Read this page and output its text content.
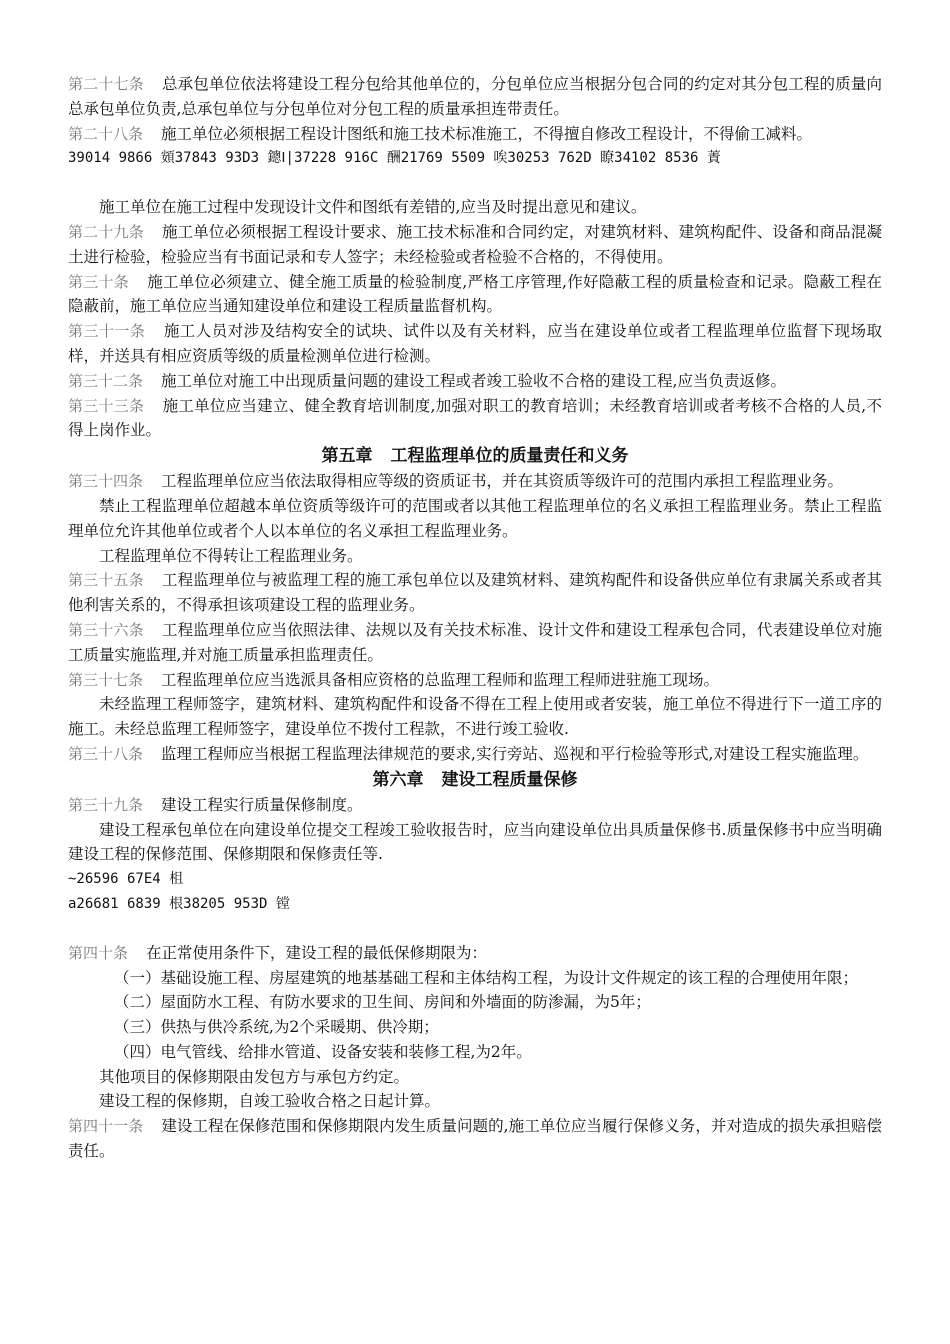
第二十七条 总承包单位依法将建设工程分包给其他单位的，分包单位应当根据分包合同的约定对其分包工程的质量向总承包单位负责,总承包单位与分包单位对分包工程的质量承担连带责任。

第二十八条 施工单位必须根据工程设计图纸和施工技术标准施工，不得擅自修改工程设计，不得偷工减料。

39014 9866 頞37843 93D3 鏓Ⅰ|37228 916C 酬21769 5509 唉30253 762D 瞭34102 8536 蔶

施工单位在施工过程中发现设计文件和图纸有差错的,应当及时提出意见和建议。

第二十九条 施工单位必须根据工程设计要求、施工技术标准和合同约定，对建筑材料、建筑构配件、设备和商品混凝土进行检验，检验应当有书面记录和专人签字；未经检验或者检验不合格的，不得使用。

第三十条 施工单位必须建立、健全施工质量的检验制度,严格工序管理,作好隐蔽工程的质量检查和记录。隐蔽工程在隐蔽前，施工单位应当通知建设单位和建设工程质量监督机构。

第三十一条 施工人员对涉及结构安全的试块、试件以及有关材料，应当在建设单位或者工程监理单位监督下现场取样，并送具有相应资质等级的质量检测单位进行检测。

第三十二条 施工单位对施工中出现质量问题的建设工程或者竣工验收不合格的建设工程,应当负责返修。

第三十三条 施工单位应当建立、健全教育培训制度,加强对职工的教育培训；未经教育培训或者考核不合格的人员,不得上岗作业。

第五章 工程监理单位的质量责任和义务

第三十四条 工程监理单位应当依法取得相应等级的资质证书，并在其资质等级许可的范围内承担工程监理业务。

禁止工程监理单位超越本单位资质等级许可的范围或者以其他工程监理单位的名义承担工程监理业务。禁止工程监理单位允许其他单位或者个人以本单位的名义承担工程监理业务。

工程监理单位不得转让工程监理业务。

第三十五条 工程监理单位与被监理工程的施工承包单位以及建筑材料、建筑构配件和设备供应单位有隶属关系或者其他利害关系的，不得承担该项建设工程的监理业务。

第三十六条 工程监理单位应当依照法律、法规以及有关技术标准、设计文件和建设工程承包合同，代表建设单位对施工质量实施监理,并对施工质量承担监理责任。

第三十七条 工程监理单位应当选派具备相应资格的总监理工程师和监理工程师进驻施工现场。

未经监理工程师签字，建筑材料、建筑构配件和设备不得在工程上使用或者安装，施工单位不得进行下一道工序的施工。未经总监理工程师签字，建设单位不拨付工程款，不进行竣工验收.

第三十八条 监理工程师应当根据工程监理法律规范的要求,实行旁站、巡视和平行检验等形式,对建设工程实施监理。

第六章 建设工程质量保修

第三十九条 建设工程实行质量保修制度。

建设工程承包单位在向建设单位提交工程竣工验收报告时，应当向建设单位出具质量保修书.质量保修书中应当明确建设工程的保修范围、保修期限和保修责任等.

~26596 67E4 柤

a26681 6839 根38205 953D 镗

第四十条 在正常使用条件下，建设工程的最低保修期限为：

（一）基础设施工程、房屋建筑的地基基础工程和主体结构工程，为设计文件规定的该工程的合理使用年限；

（二）屋面防水工程、有防水要求的卫生间、房间和外墙面的防渗漏，为5年；

（三）供热与供冷系统,为2个采暖期、供冷期；

（四）电气管线、给排水管道、设备安装和装修工程,为2年。

其他项目的保修期限由发包方与承包方约定。

建设工程的保修期，自竣工验收合格之日起计算。

第四十一条 建设工程在保修范围和保修期限内发生质量问题的,施工单位应当履行保修义务，并对造成的损失承担赔偿责任。
